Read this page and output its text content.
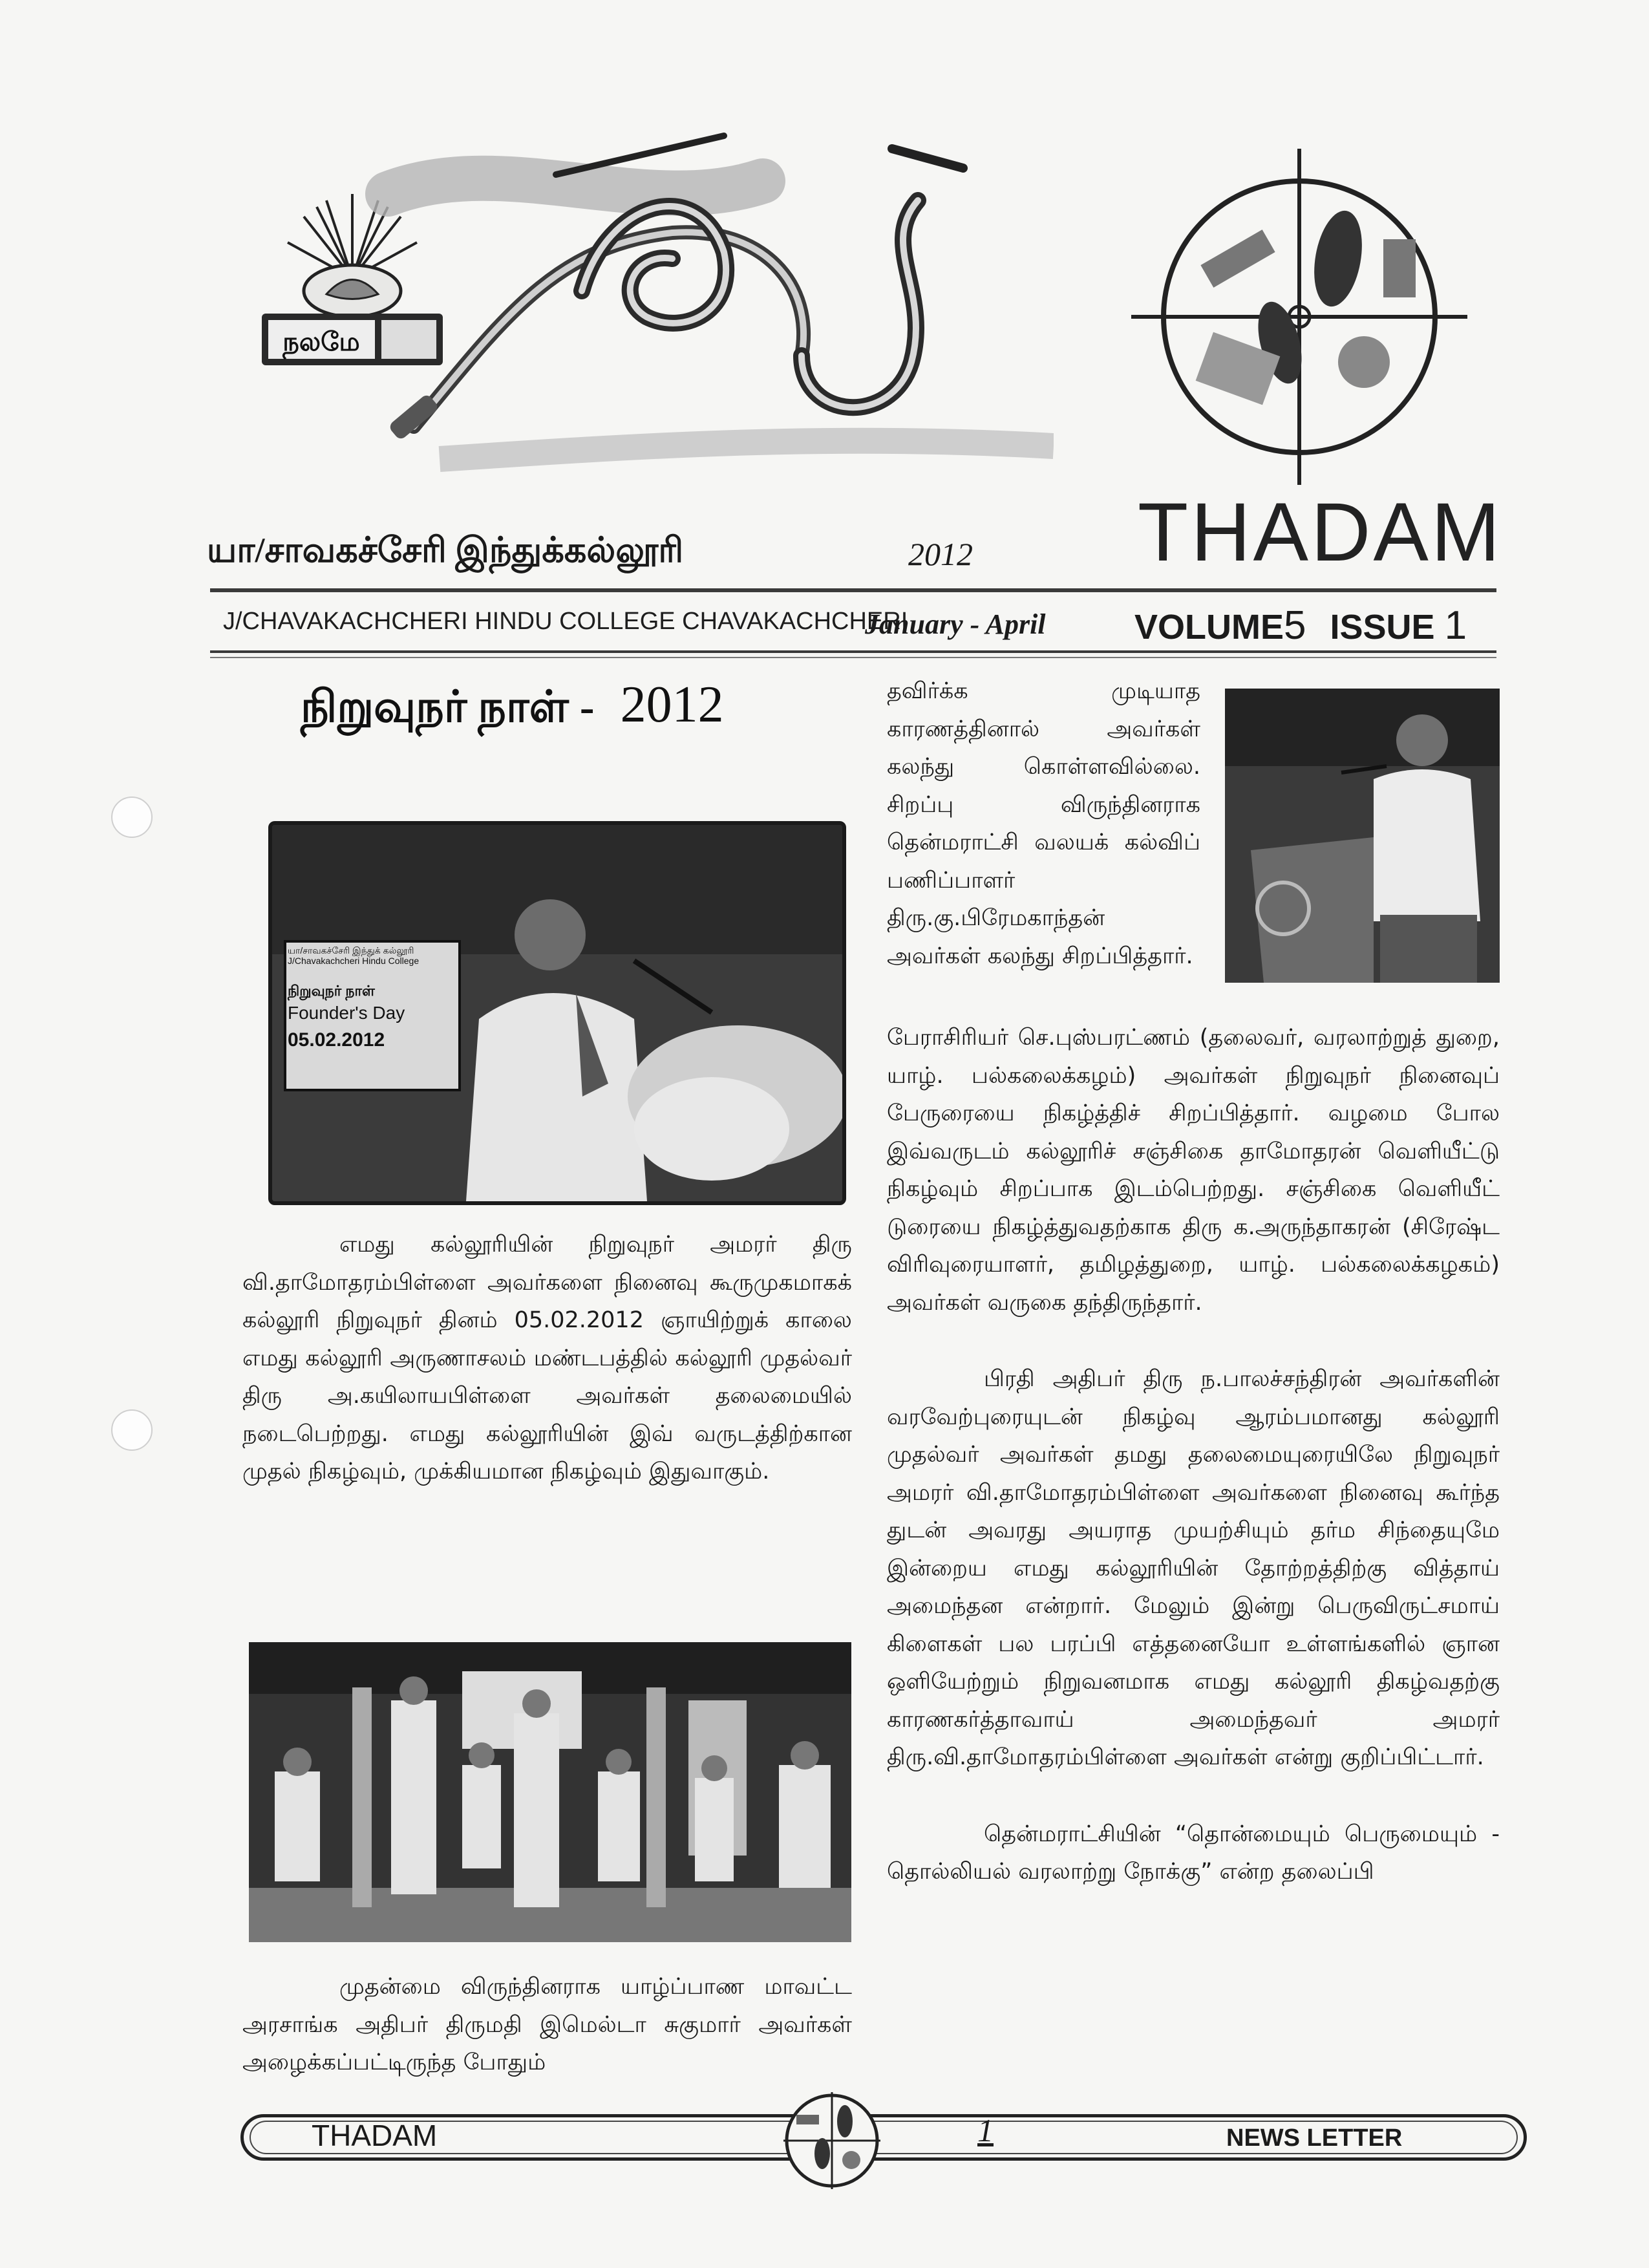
நலமே
THADAM
யா/சாவகச்சேரி இந்துக்கல்லூரி	2012
J/CHAVAKACHCHERI HINDU COLLEGE CHAVAKACHCHERI
January - April	VOLUME5 ISSUE 1
நிறுவுநர் நாள் - 2012
யா/சாவகச்சேரி இந்துக் கல்லூரி
J/Chavakachcheri Hindu College
நிறுவுநர் நாள்
Founder's Day
05.02.2012

எமது கல்லூரியின் நிறுவுநர் அமரர் திரு வி.தாமோதரம்பிள்ளை அவர்களை நினைவு கூருமுகமாகக் கல்லூரி நிறுவுநர் தினம் 05.02.2012 ஞாயிற்றுக் காலை எமது கல்லூரி அருணாசலம் மண்டபத்தில் கல்லூரி முதல்வர் திரு அ.கயிலாயபிள்ளை அவர்கள் தலைமையில் நடைபெற்றது. எமது கல்லூரியின் இவ் வருடத்திற்கான முதல் நிகழ்வும், முக்கியமான நிகழ்வும் இதுவாகும்.

முதன்மை விருந்தினராக யாழ்ப்பாண மாவட்ட அரசாங்க அதிபர் திருமதி இமெல்டா சுகுமார் அவர்கள் அழைக்கப்பட்டிருந்த போதும்

தவிர்க்க முடியாத காரணத்தினால் அவர்கள் கலந்து கொள்ளவில்லை. சிறப்பு விருந்தினராக தென்மராட்சி வலயக் கல்விப் பணிப்பாளர் திரு.கு.பிரேமகாந்தன் அவர்கள் கலந்து சிறப்பித்தார்.

பேராசிரியர் செ.புஸ்பரட்ணம் (தலைவர், வரலாற்றுத் துறை, யாழ். பல்கலைக்கழம்) அவர்கள் நிறுவுநர் நினைவுப் பேருரையை நிகழ்த்திச் சிறப்பித்தார். வழமை போல இவ்வருடம் கல்லூரிச் சஞ்சிகை தாமோதரன் வெளியீட்டு நிகழ்வும் சிறப்பாக இடம்பெற்றது. சஞ்சிகை வெளியீட் டுரையை நிகழ்த்துவதற்காக திரு க.அருந்தாகரன் (சிரேஷ்ட விரிவுரையாளர், தமிழத்துறை, யாழ். பல்கலைக்கழகம்) அவர்கள் வருகை தந்திருந்தார்.

பிரதி அதிபர் திரு ந.பாலச்சந்திரன் அவர்களின் வரவேற்புரையுடன் நிகழ்வு ஆரம்பமானது கல்லூரி முதல்வர் அவர்கள் தமது தலைமையுரையிலே நிறுவுநர் அமரர் வி.தாமோதரம்பிள்ளை அவர்களை நினைவு கூர்ந்த துடன் அவரது அயராத முயற்சியும் தர்ம சிந்தையுமே இன்றைய எமது கல்லூரியின் தோற்றத்திற்கு வித்தாய் அமைந்தன என்றார். மேலும் இன்று பெருவிருட்சமாய் கிளைகள் பல பரப்பி எத்தனையோ உள்ளங்களில் ஞான ஒளியேற்றும் நிறுவனமாக எமது கல்லூரி திகழ்வதற்கு காரணகர்த்தாவாய் அமைந்தவர் அமரர் திரு.வி.தாமோதரம்பிள்ளை அவர்கள் என்று குறிப்பிட்டார்.

தென்மராட்சியின் “தொன்மையும் பெருமையும் - தொல்லியல் வரலாற்று நோக்கு” என்ற தலைப்பி

THADAM	1	NEWS LETTER
